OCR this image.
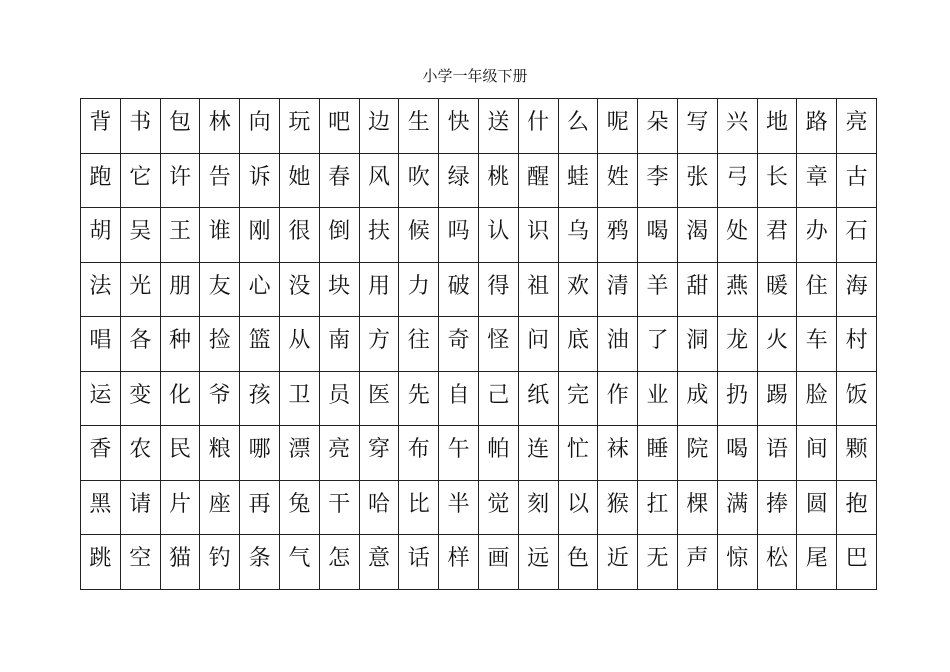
小学一年级下册
背	书	包	林	向	玩	吧	边	生	快	送	什	么	呢	朵	写	兴	地	路	亮
跑	它	许	告	诉	她	春	风	吹	绿	桃	醒	蛙	姓	李	张	弓	长	章	古
胡	吴	王	谁	刚	很	倒	扶	候	吗	认	识	乌	鸦	喝	渴	处	君	办	石
法	光	朋	友	心	没	块	用	力	破	得	祖	欢	清	羊	甜	燕	暖	住	海
唱	各	种	捡	篮	从	南	方	往	奇	怪	问	底	油	了	洞	龙	火	车	村
运	变	化	爷	孩	卫	员	医	先	自	己	纸	完	作	业	成	扔	踢	脸	饭
香	农	民	粮	哪	漂	亮	穿	布	午	帕	连	忙	袜	睡	院	喝	语	间	颗
黑	请	片	座	再	兔	干	哈	比	半	觉	刻	以	猴	扛	棵	满	捧	圆	抱
跳	空	猫	钓	条	气	怎	意	话	样	画	远	色	近	无	声	惊	松	尾	巴
